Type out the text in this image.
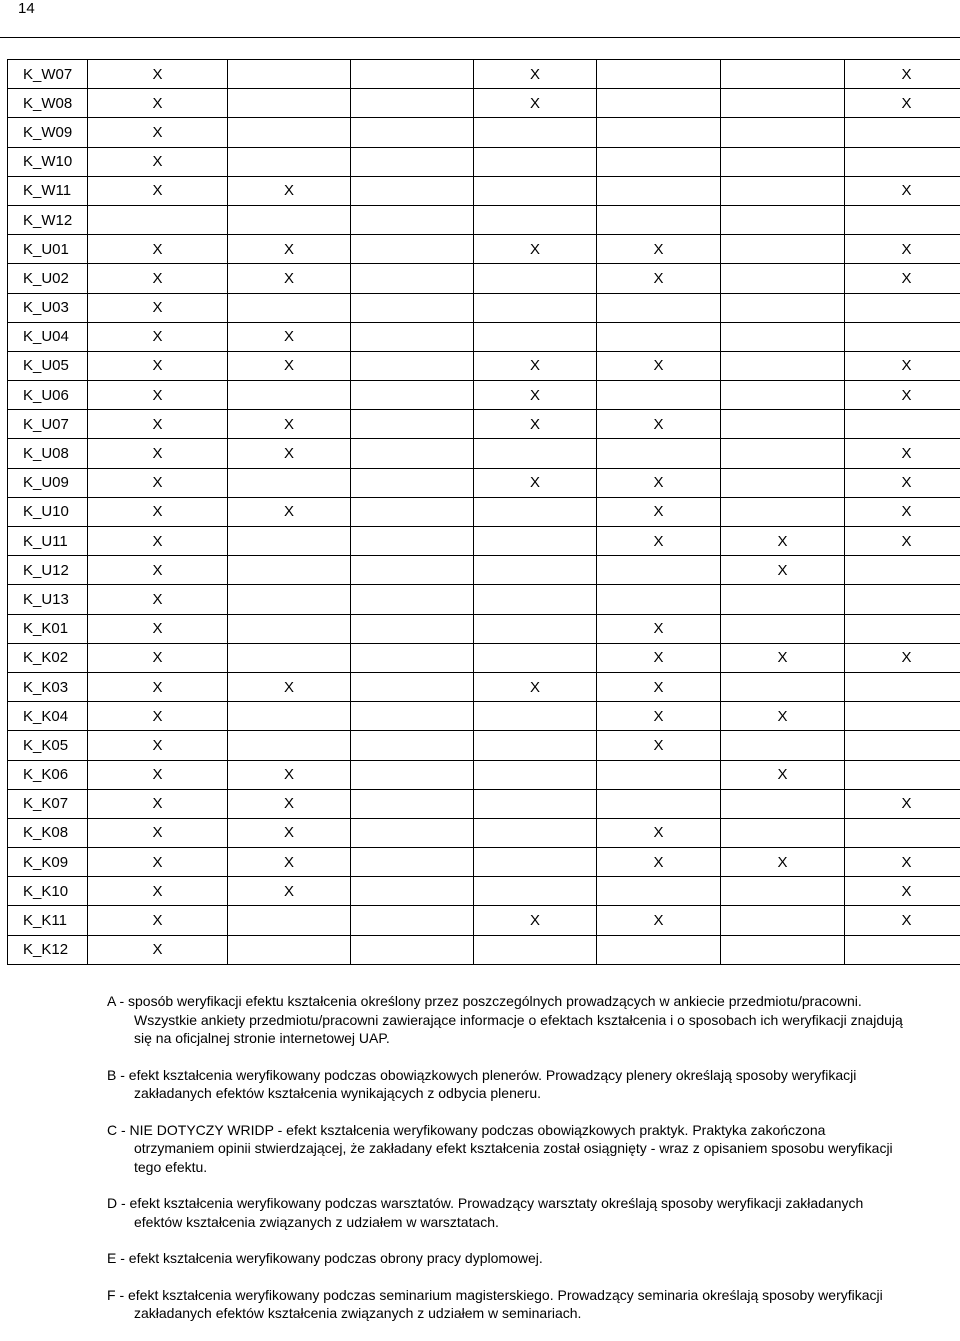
14
K_W07	X			X			X
K_W08	X			X			X
K_W09	X						
K_W10	X						
K_W11	X	X					X
K_W12							
K_U01	X	X		X	X		X
K_U02	X	X			X		X
K_U03	X						
K_U04	X	X					
K_U05	X	X		X	X		X
K_U06	X			X			X
K_U07	X	X		X	X		
K_U08	X	X					X
K_U09	X			X	X		X
K_U10	X	X			X		X
K_U11	X				X	X	X
K_U12	X					X	
K_U13	X						
K_K01	X				X		
K_K02	X				X	X	X
K_K03	X	X		X	X		
K_K04	X				X	X	
K_K05	X				X		
K_K06	X	X				X	
K_K07	X	X					X
K_K08	X	X			X		
K_K09	X	X			X	X	X
K_K10	X	X					X
K_K11	X			X	X		X
K_K12	X						

A - sposób weryfikacji efektu kształcenia określony przez poszczególnych prowadzących w ankiecie przedmiotu/pracowni. Wszystkie ankiety przedmiotu/pracowni zawierające informacje o efektach kształcenia i o sposobach ich weryfikacji znajdują się na oficjalnej stronie internetowej UAP.

B - efekt kształcenia weryfikowany podczas obowiązkowych plenerów. Prowadzący plenery określają sposoby weryfikacji zakładanych efektów kształcenia wynikających z odbycia pleneru.

C - NIE DOTYCZY WRIDP - efekt kształcenia weryfikowany podczas obowiązkowych praktyk. Praktyka zakończona otrzymaniem opinii stwierdzającej, że zakładany efekt kształcenia został osiągnięty - wraz z opisaniem sposobu weryfikacji tego efektu.

D - efekt kształcenia weryfikowany podczas warsztatów. Prowadzący warsztaty określają sposoby weryfikacji zakładanych efektów kształcenia związanych z udziałem w warsztatach.

E - efekt kształcenia weryfikowany podczas obrony pracy dyplomowej.

F - efekt kształcenia weryfikowany podczas seminarium magisterskiego. Prowadzący seminaria określają sposoby weryfikacji zakładanych efektów kształcenia związanych z udziałem w seminariach.
